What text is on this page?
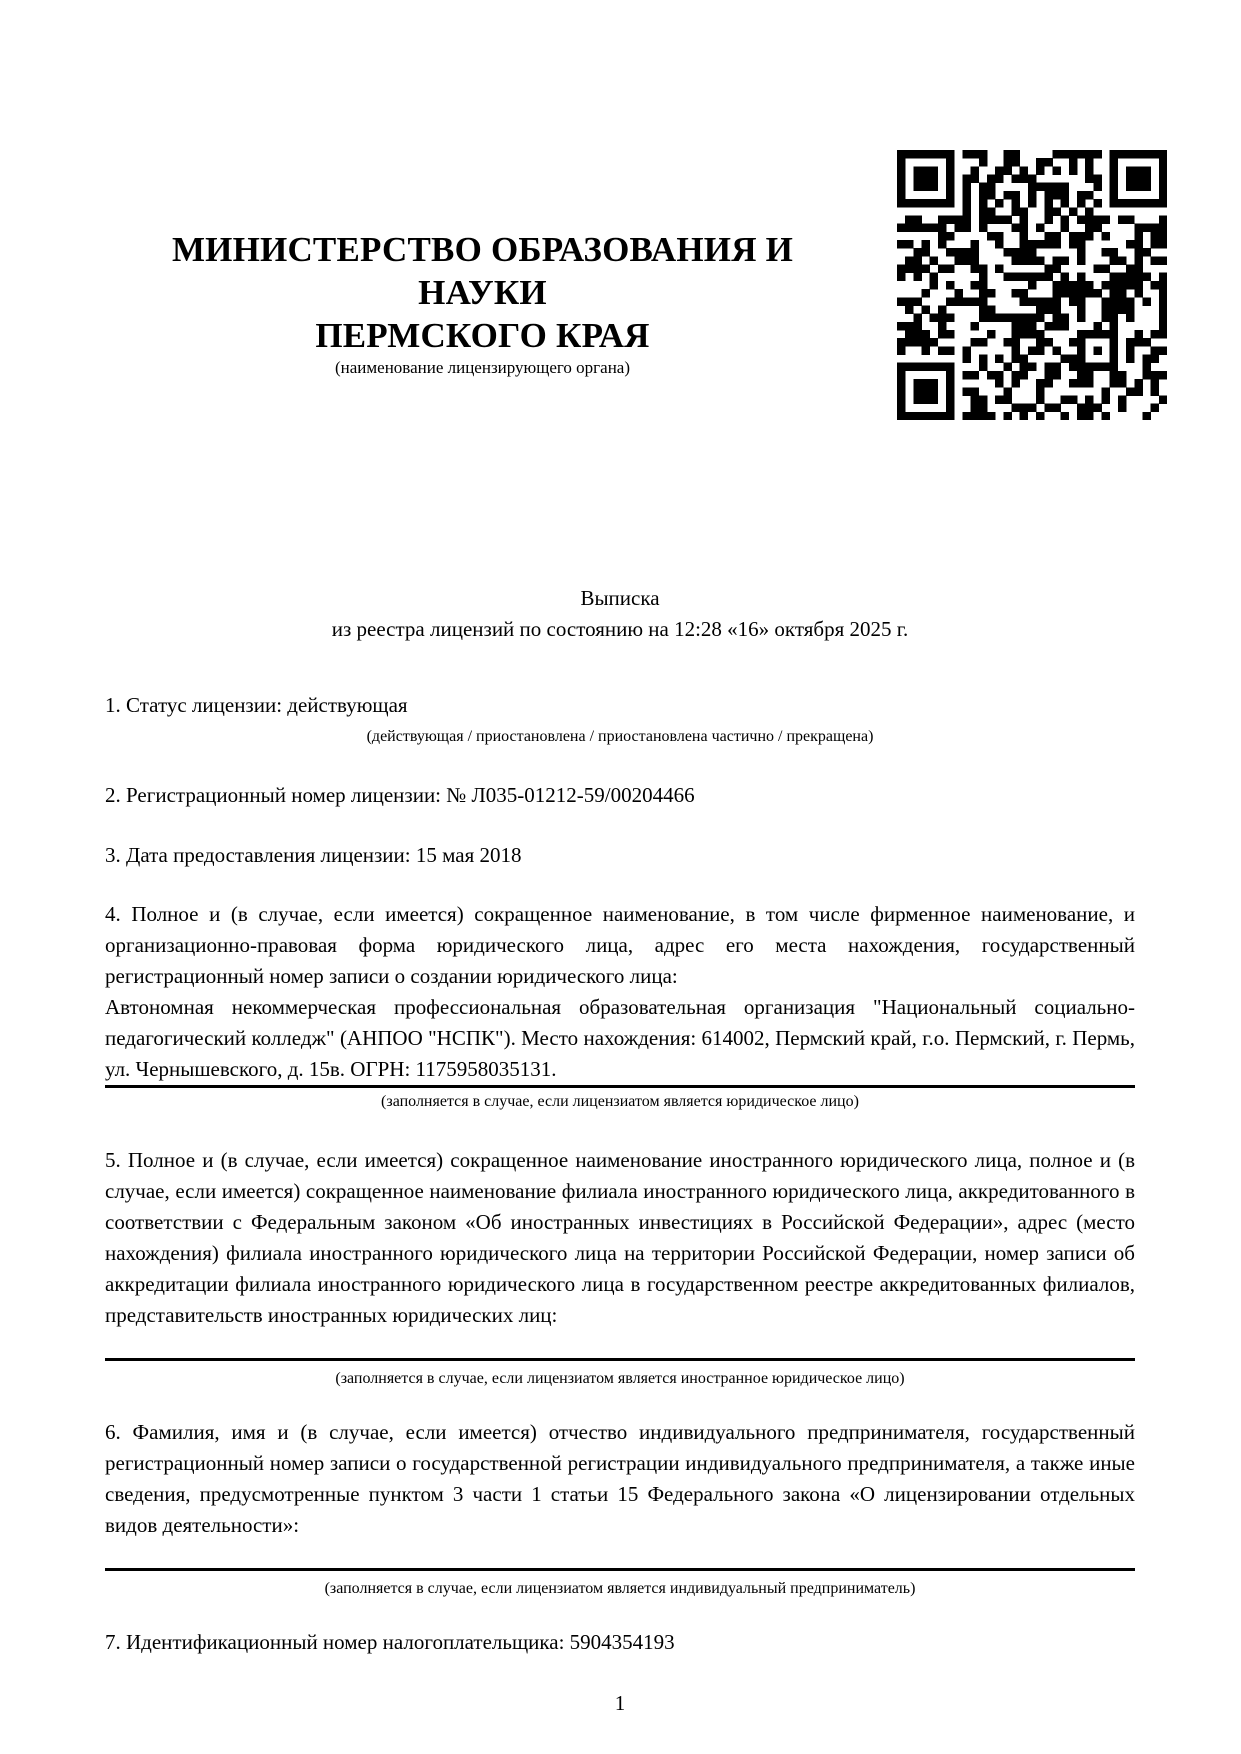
МИНИСТЕРСТВО ОБРАЗОВАНИЯ И НАУКИ
ПЕРМСКОГО КРАЯ
(наименование лицензирующего органа)
Выписка
из реестра лицензий по состоянию на 12:28 «16» октября 2025 г.

1. Статус лицензии: действующая

(действующая / приостановлена / приостановлена частично / прекращена)

2. Регистрационный номер лицензии: № Л035-01212-59/00204466

3. Дата предоставления лицензии: 15 мая 2018

4. Полное и (в случае, если имеется) сокращенное наименование, в том числе фирменное наименование, и организационно-правовая форма юридического лица, адрес его места нахождения, государственный регистрационный номер записи о создании юридического лица:

Автономная некоммерческая профессиональная образовательная организация "Национальный социально-педагогический колледж" (АНПОО "НСПК"). Место нахождения: 614002, Пермский край, г.о. Пермский, г. Пермь, ул. Чернышевского, д. 15в. ОГРН: 1175958035131.

(заполняется в случае, если лицензиатом является юридическое лицо)

5. Полное и (в случае, если имеется) сокращенное наименование иностранного юридического лица, полное и (в случае, если имеется) сокращенное наименование филиала иностранного юридического лица, аккредитованного в соответствии с Федеральным законом «Об иностранных инвестициях в Российской Федерации», адрес (место нахождения) филиала иностранного юридического лица на территории Российской Федерации, номер записи об аккредитации филиала иностранного юридического лица в государственном реестре аккредитованных филиалов, представительств иностранных юридических лиц:

(заполняется в случае, если лицензиатом является иностранное юридическое лицо)

6. Фамилия, имя и (в случае, если имеется) отчество индивидуального предпринимателя, государственный регистрационный номер записи о государственной регистрации индивидуального предпринимателя, а также иные сведения, предусмотренные пунктом 3 части 1 статьи 15 Федерального закона «О лицензировании отдельных видов деятельности»:

(заполняется в случае, если лицензиатом является индивидуальный предприниматель)

7. Идентификационный номер налогоплательщика: 5904354193

1
